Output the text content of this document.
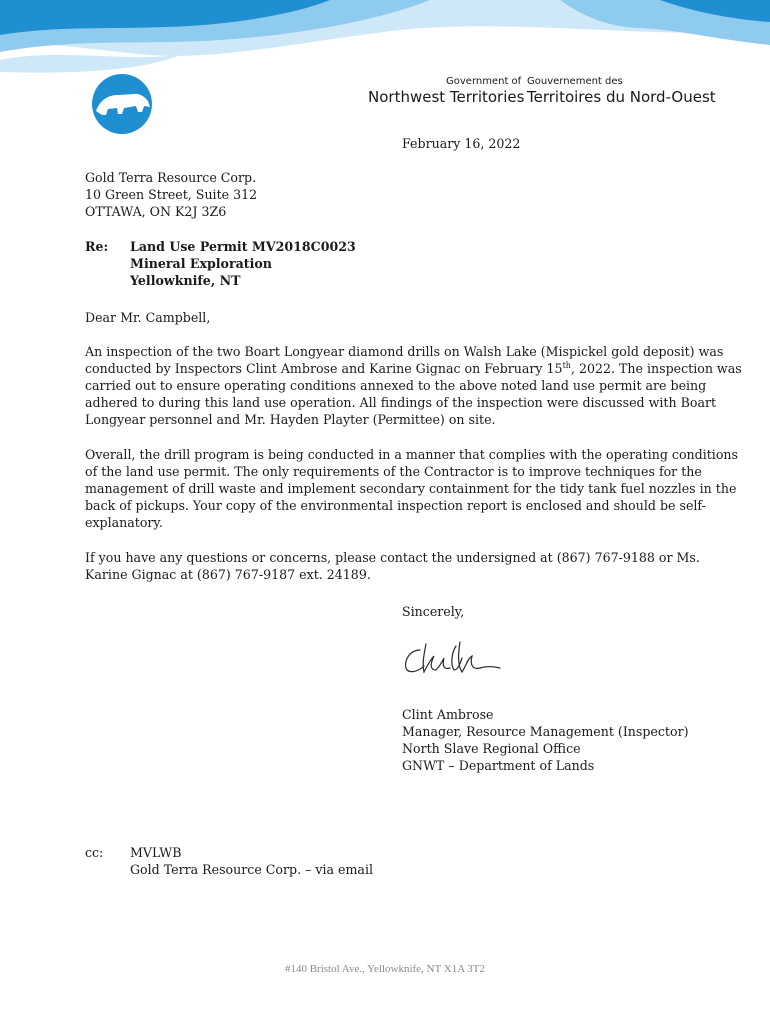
Government of
Northwest Territories
Gouvernement des
Territoires du Nord-Ouest
February 16, 2022
Gold Terra Resource Corp.
10 Green Street, Suite 312
OTTAWA, ON K2J 3Z6
Re: Land Use Permit MV2018C0023
Mineral Exploration
Yellowknife, NT
Dear Mr. Campbell,
An inspection of the two Boart Longyear diamond drills on Walsh Lake (Mispickel gold deposit) was
conducted by Inspectors Clint Ambrose and Karine Gignac on February 15th, 2022. The inspection was
carried out to ensure operating conditions annexed to the above noted land use permit are being
adhered to during this land use operation. All findings of the inspection were discussed with Boart
Longyear personnel and Mr. Hayden Playter (Permittee) on site.
Overall, the drill program is being conducted in a manner that complies with the operating conditions
of the land use permit. The only requirements of the Contractor is to improve techniques for the
management of drill waste and implement secondary containment for the tidy tank fuel nozzles in the
back of pickups. Your copy of the environmental inspection report is enclosed and should be self-
explanatory.
If you have any questions or concerns, please contact the undersigned at (867) 767-9188 or Ms.
Karine Gignac at (867) 767-9187 ext. 24189.
Sincerely,
Clint Ambrose
Manager, Resource Management (Inspector)
North Slave Regional Office
GNWT – Department of Lands
cc: MVLWB
Gold Terra Resource Corp. – via email
#140 Bristol Ave., Yellowknife, NT X1A 3T2
